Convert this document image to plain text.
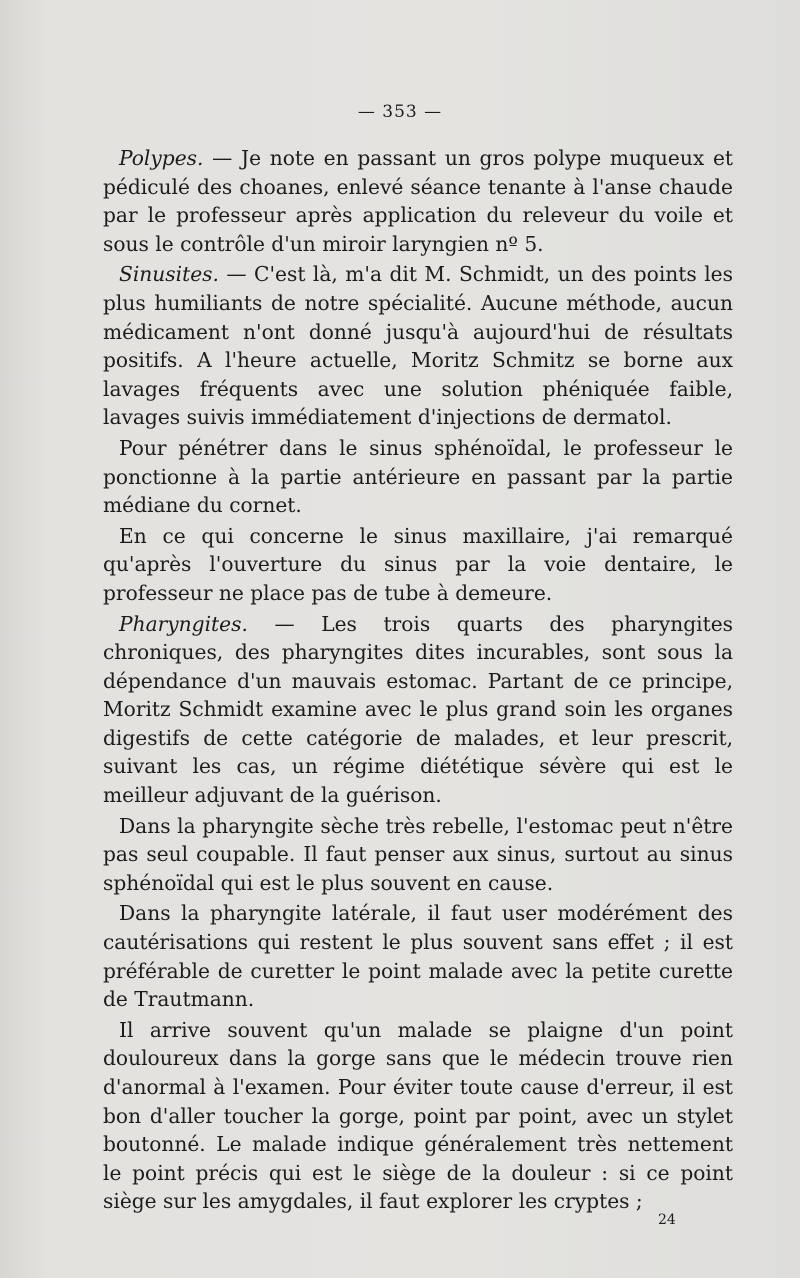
— 353 —

Polypes. — Je note en passant un gros polype muqueux et pédiculé des choanes, enlevé séance tenante à l'anse chaude par le professeur après application du releveur du voile et sous le contrôle d'un miroir laryngien nº 5.

Sinusites. — C'est là, m'a dit M. Schmidt, un des points les plus humiliants de notre spécialité. Aucune méthode, aucun médicament n'ont donné jusqu'à aujourd'hui de résultats positifs. A l'heure actuelle, Moritz Schmitz se borne aux lavages fréquents avec une solution phéniquée faible, lavages suivis immédiatement d'injections de dermatol.

Pour pénétrer dans le sinus sphénoïdal, le professeur le ponctionne à la partie antérieure en passant par la partie médiane du cornet.

En ce qui concerne le sinus maxillaire, j'ai remarqué qu'après l'ouverture du sinus par la voie dentaire, le professeur ne place pas de tube à demeure.

Pharyngites. — Les trois quarts des pharyngites chroniques, des pharyngites dites incurables, sont sous la dépendance d'un mauvais estomac. Partant de ce principe, Moritz Schmidt examine avec le plus grand soin les organes digestifs de cette catégorie de malades, et leur prescrit, suivant les cas, un régime diététique sévère qui est le meilleur adjuvant de la guérison.

Dans la pharyngite sèche très rebelle, l'estomac peut n'être pas seul coupable. Il faut penser aux sinus, surtout au sinus sphénoïdal qui est le plus souvent en cause.

Dans la pharyngite latérale, il faut user modérément des cautérisations qui restent le plus souvent sans effet ; il est préférable de curetter le point malade avec la petite curette de Trautmann.

Il arrive souvent qu'un malade se plaigne d'un point douloureux dans la gorge sans que le médecin trouve rien d'anormal à l'examen. Pour éviter toute cause d'erreur, il est bon d'aller toucher la gorge, point par point, avec un stylet boutonné. Le malade indique généralement très nettement le point précis qui est le siège de la douleur : si ce point siège sur les amygdales, il faut explorer les cryptes ;

24
